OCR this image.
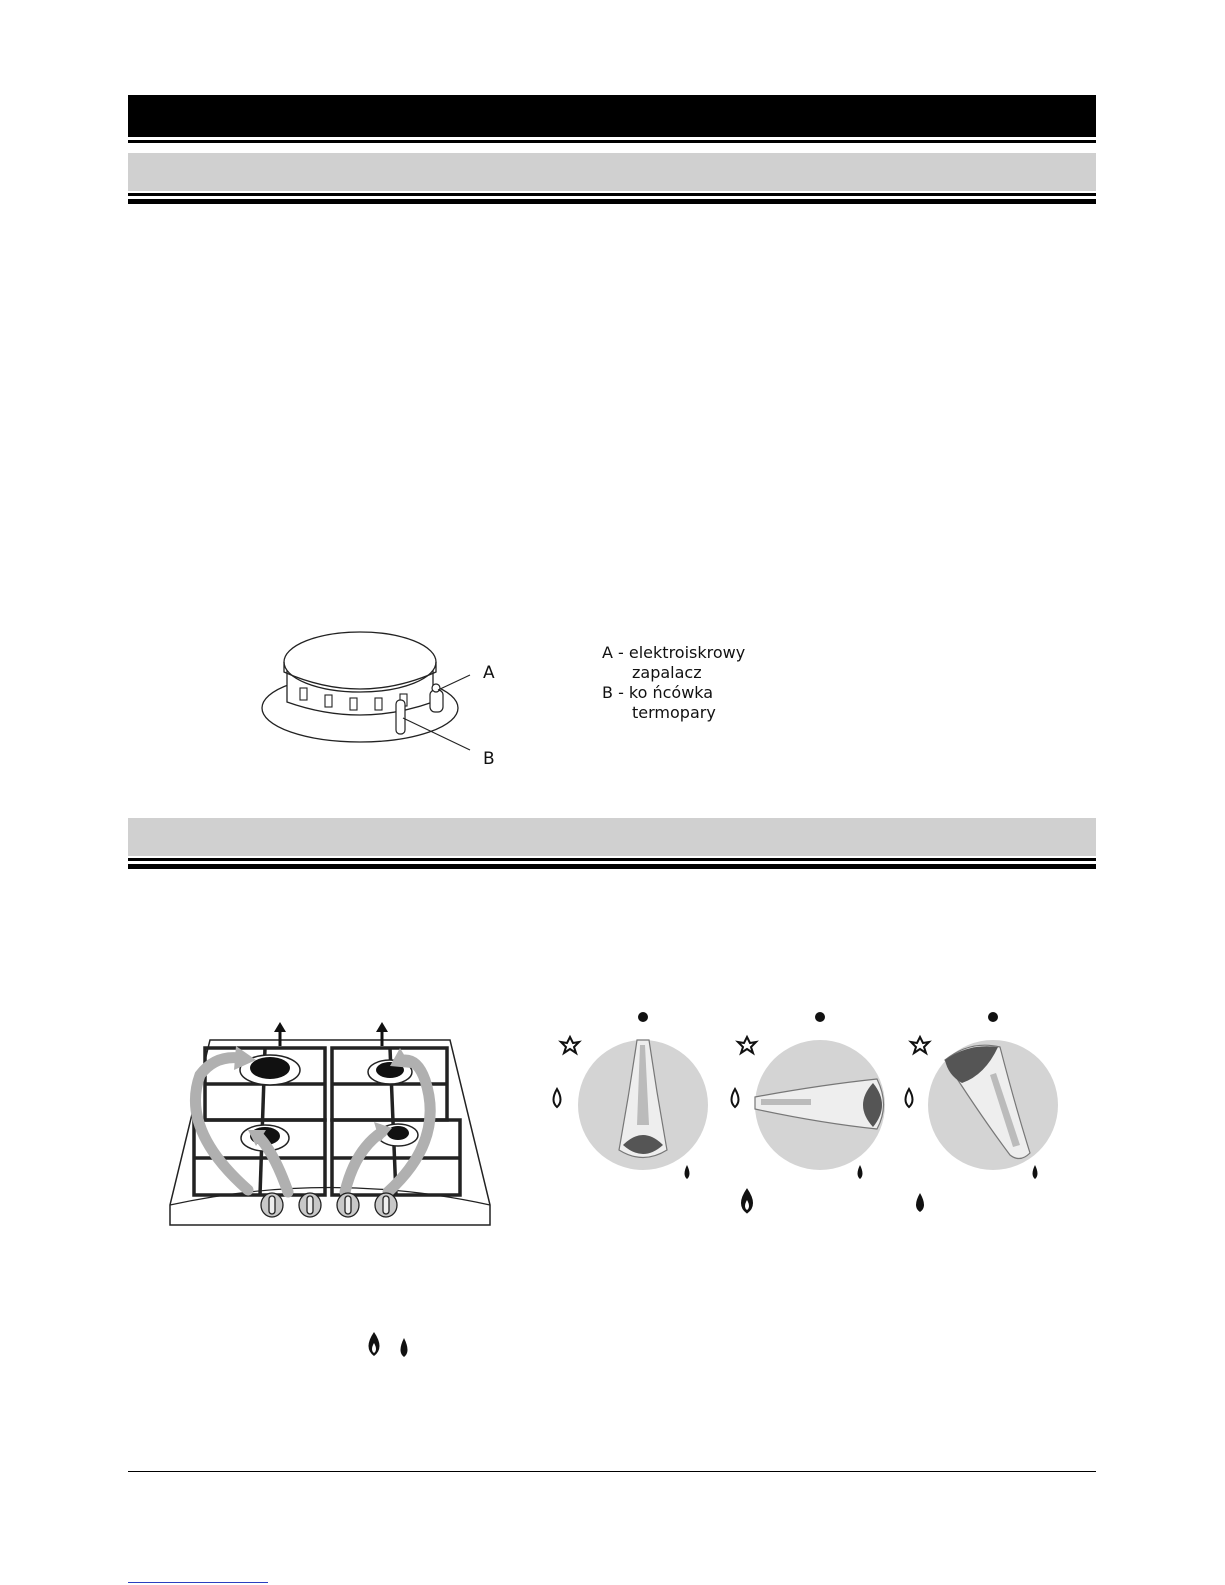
A
B
A - elektroiskrowy
zapalacz
B - ko ńcówka
termopary
